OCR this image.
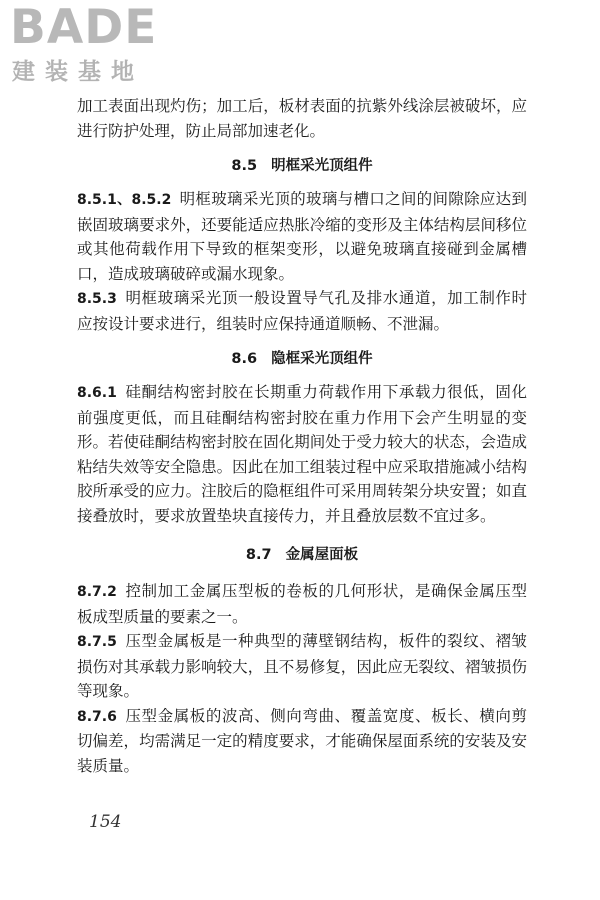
BADE
建装基地

加工表面出现灼伤；加工后，板材表面的抗紫外线涂层被破坏，应进行防护处理，防止局部加速老化。

8.5 明框采光顶组件

8.5.1、8.5.2 明框玻璃采光顶的玻璃与槽口之间的间隙除应达到嵌固玻璃要求外，还要能适应热胀冷缩的变形及主体结构层间移位或其他荷载作用下导致的框架变形，以避免玻璃直接碰到金属槽口，造成玻璃破碎或漏水现象。

8.5.3 明框玻璃采光顶一般设置导气孔及排水通道，加工制作时应按设计要求进行，组装时应保持通道顺畅、不泄漏。

8.6 隐框采光顶组件

8.6.1 硅酮结构密封胶在长期重力荷载作用下承载力很低，固化前强度更低，而且硅酮结构密封胶在重力作用下会产生明显的变形。若使硅酮结构密封胶在固化期间处于受力较大的状态，会造成粘结失效等安全隐患。因此在加工组装过程中应采取措施减小结构胶所承受的应力。注胶后的隐框组件可采用周转架分块安置；如直接叠放时，要求放置垫块直接传力，并且叠放层数不宜过多。

8.7 金属屋面板

8.7.2 控制加工金属压型板的卷板的几何形状，是确保金属压型板成型质量的要素之一。

8.7.5 压型金属板是一种典型的薄壁钢结构，板件的裂纹、褶皱损伤对其承载力影响较大，且不易修复，因此应无裂纹、褶皱损伤等现象。

8.7.6 压型金属板的波高、侧向弯曲、覆盖宽度、板长、横向剪切偏差，均需满足一定的精度要求，才能确保屋面系统的安装及安装质量。

154
